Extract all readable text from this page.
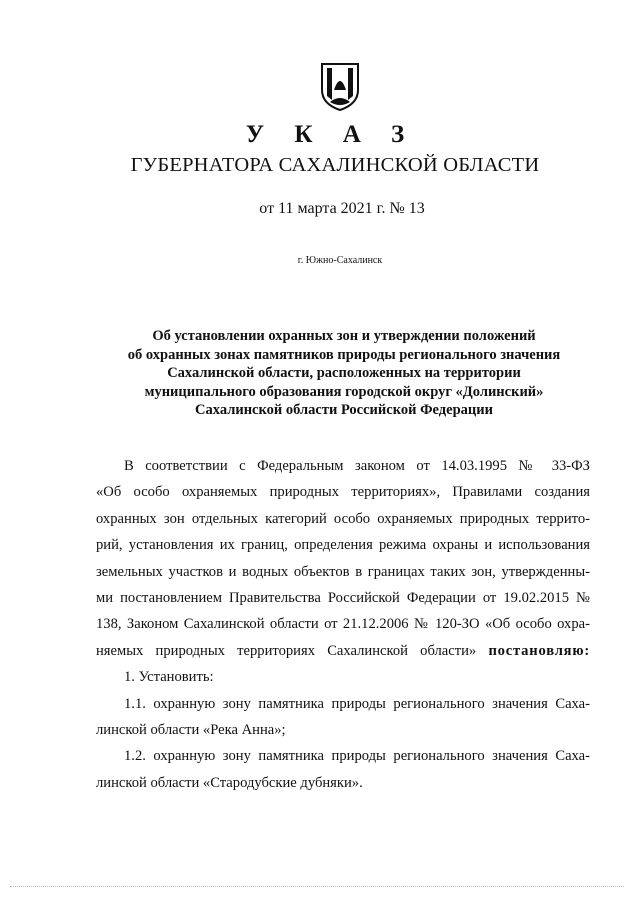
У К А З
ГУБЕРНАТОРА САХАЛИНСКОЙ ОБЛАСТИ
от 11 марта 2021 г. № 13
г. Южно-Сахалинск
Об установлении охранных зон и утверждении положений
об охранных зонах памятников природы регионального значения
Сахалинской области, расположенных на территории
муниципального образования городской округ «Долинский»
Сахалинской области Российской Федерации

В соответствии с Федеральным законом от 14.03.1995 № 33-ФЗ
«Об особо охраняемых природных территориях», Правилами создания
охранных зон отдельных категорий особо охраняемых природных террито-
рий, установления их границ, определения режима охраны и использования
земельных участков и водных объектов в границах таких зон, утвержденны-
ми постановлением Правительства Российской Федерации от 19.02.2015 №
138, Законом Сахалинской области от 21.12.2006 № 120-ЗО «Об особо охра-
няемых природных территориях Сахалинской области» постановляю:

1. Установить:

1.1. охранную зону памятника природы регионального значения Саха-
линской области «Река Анна»;

1.2. охранную зону памятника природы регионального значения Саха-
линской области «Стародубские дубняки».
